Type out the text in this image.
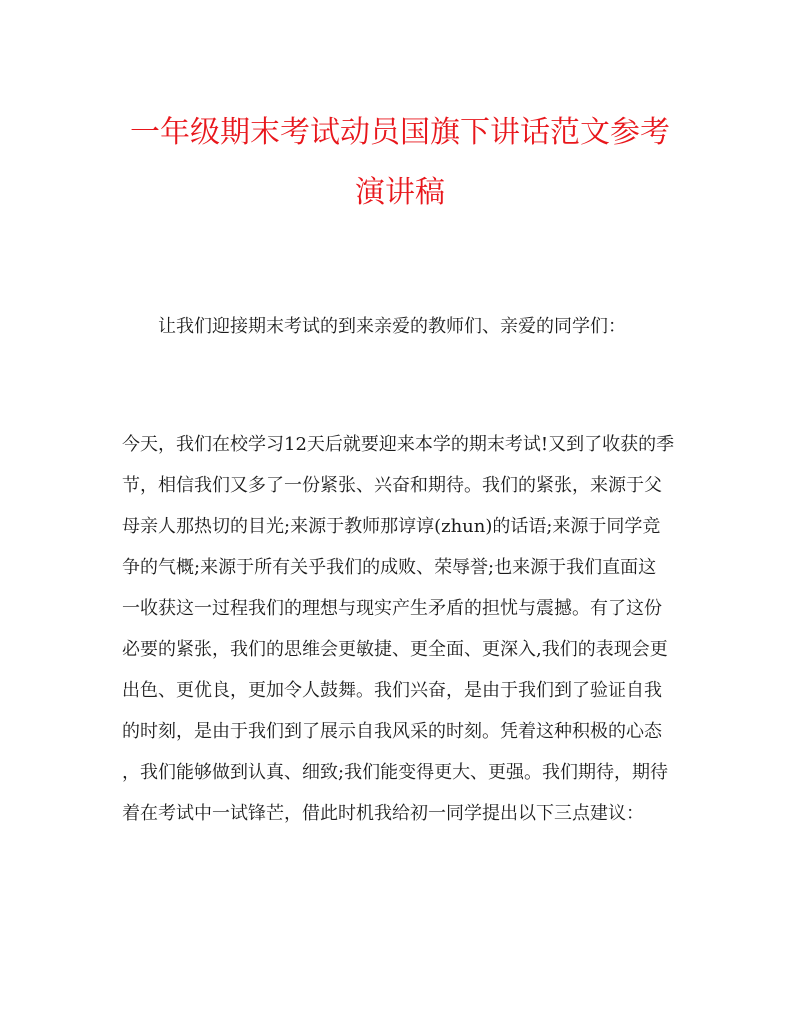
一年级期末考试动员国旗下讲话范文参考
演讲稿
让我们迎接期末考试的到来亲爱的教师们、亲爱的同学们：
今天，我们在校学习12天后就要迎来本学的期末考试!又到了收获的季
节，相信我们又多了一份紧张、兴奋和期待。我们的紧张，来源于父
母亲人那热切的目光;来源于教师那谆谆(zhun)的话语;来源于同学竞
争的气概;来源于所有关乎我们的成败、荣辱誉;也来源于我们直面这
一收获这一过程我们的理想与现实产生矛盾的担忧与震撼。有了这份
必要的紧张，我们的思维会更敏捷、更全面、更深入,我们的表现会更
出色、更优良，更加令人鼓舞。我们兴奋，是由于我们到了验证自我
的时刻，是由于我们到了展示自我风采的时刻。凭着这种积极的心态
，我们能够做到认真、细致;我们能变得更大、更强。我们期待，期待
着在考试中一试锋芒，借此时机我给初一同学提出以下三点建议：
